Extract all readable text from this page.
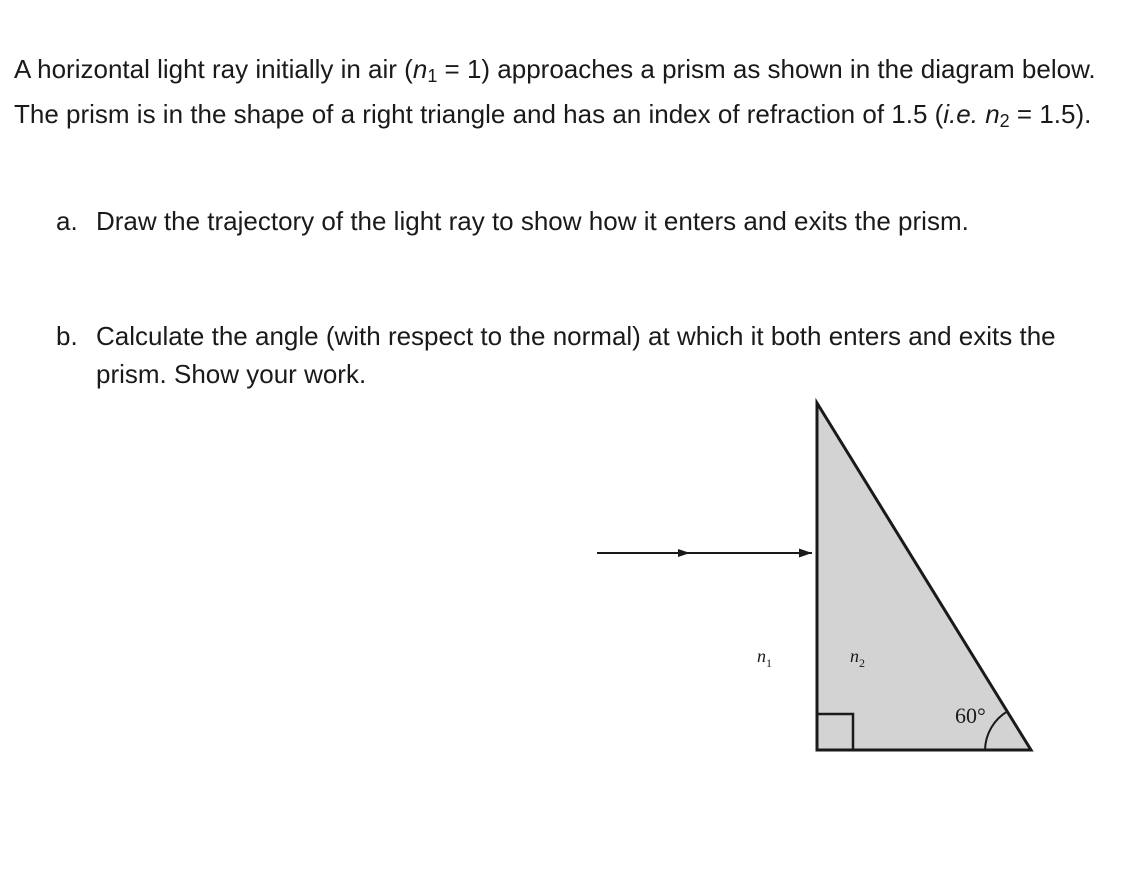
A horizontal light ray initially in air $(n_1 = 1)$ approaches a prism as shown in the diagram below. The prism is in the shape of a right triangle and has an index of refraction of 1.5 (i.e. $n_2 = 1.5$).

a. Draw the trajectory of the light ray to show how it enters and exits the prism.
b. Calculate the angle (with respect to the normal) at which it both enters and exits the prism. Show your work.
60°
$n_1$	$n_2$
